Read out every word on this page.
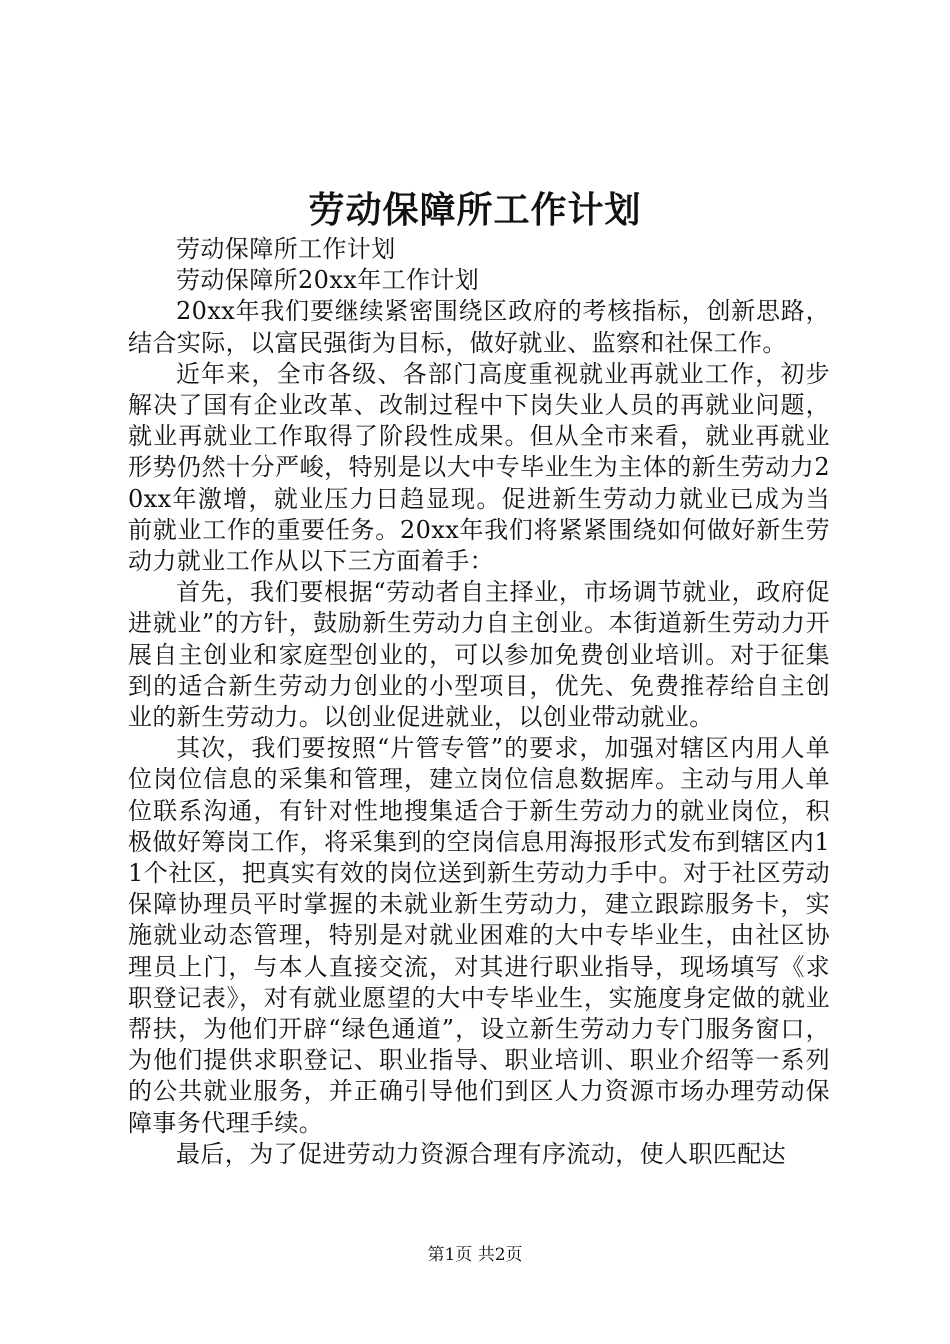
劳动保障所工作计划

劳动保障所工作计划

劳动保障所20xx年工作计划

20xx年我们要继续紧密围绕区政府的考核指标，创新思路，结合实际，以富民强街为目标，做好就业、监察和社保工作。

近年来，全市各级、各部门高度重视就业再就业工作，初步解决了国有企业改革、改制过程中下岗失业人员的再就业问题，就业再就业工作取得了阶段性成果。但从全市来看，就业再就业形势仍然十分严峻，特别是以大中专毕业生为主体的新生劳动力20xx年激增，就业压力日趋显现。促进新生劳动力就业已成为当前就业工作的重要任务。20xx年我们将紧紧围绕如何做好新生劳动力就业工作从以下三方面着手：

首先，我们要根据“劳动者自主择业，市场调节就业，政府促进就业”的方针，鼓励新生劳动力自主创业。本街道新生劳动力开展自主创业和家庭型创业的，可以参加免费创业培训。对于征集到的适合新生劳动力创业的小型项目，优先、免费推荐给自主创业的新生劳动力。以创业促进就业，以创业带动就业。

其次，我们要按照“片管专管”的要求，加强对辖区内用人单位岗位信息的采集和管理，建立岗位信息数据库。主动与用人单位联系沟通，有针对性地搜集适合于新生劳动力的就业岗位，积极做好筹岗工作，将采集到的空岗信息用海报形式发布到辖区内11个社区，把真实有效的岗位送到新生劳动力手中。对于社区劳动保障协理员平时掌握的未就业新生劳动力，建立跟踪服务卡，实施就业动态管理，特别是对就业困难的大中专毕业生，由社区协理员上门，与本人直接交流，对其进行职业指导，现场填写《求职登记表》，对有就业愿望的大中专毕业生，实施度身定做的就业帮扶，为他们开辟“绿色通道”，设立新生劳动力专门服务窗口，为他们提供求职登记、职业指导、职业培训、职业介绍等一系列的公共就业服务，并正确引导他们到区人力资源市场办理劳动保障事务代理手续。

最后，为了促进劳动力资源合理有序流动，使人职匹配达

第1页 共2页
